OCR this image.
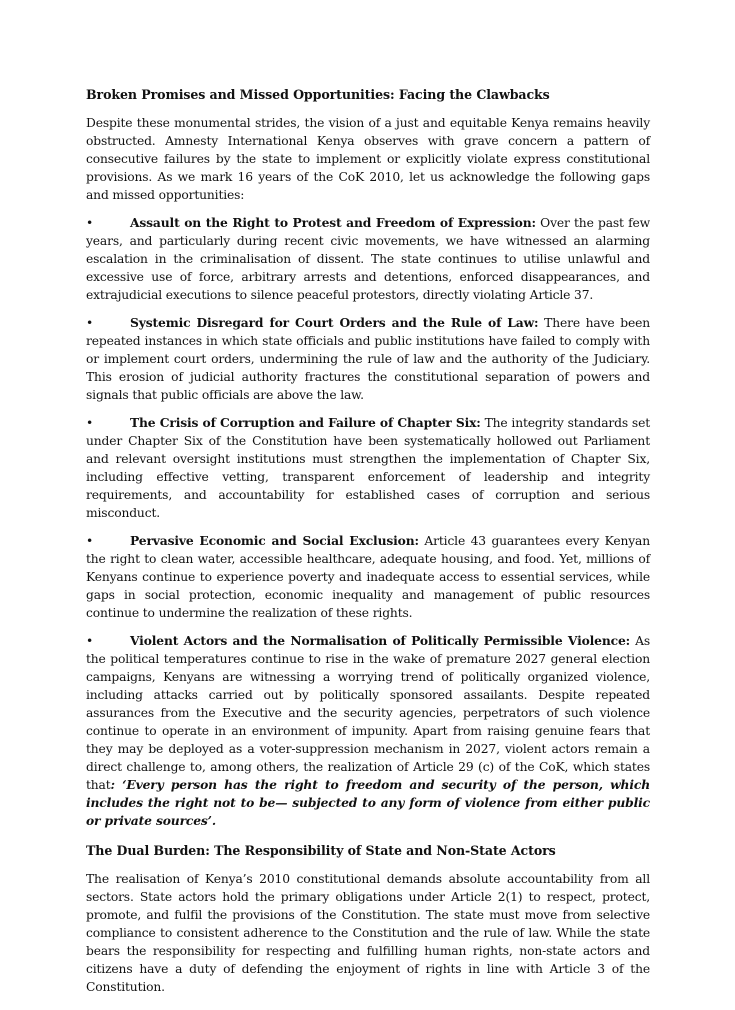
Broken Promises and Missed Opportunities: Facing the Clawbacks

Despite these monumental strides, the vision of a just and equitable Kenya remains heavily obstructed. Amnesty International Kenya observes with grave concern a pattern of consecutive failures by the state to implement or explicitly violate express constitutional provisions. As we mark 16 years of the CoK 2010, let us acknowledge the following gaps and missed opportunities:

•	Assault on the Right to Protest and Freedom of Expression: Over the past few years, and particularly during recent civic movements, we have witnessed an alarming escalation in the criminalisation of dissent. The state continues to utilise unlawful and excessive use of force, arbitrary arrests and detentions, enforced disappearances, and extrajudicial executions to silence peaceful protestors, directly violating Article 37.

•	Systemic Disregard for Court Orders and the Rule of Law: There have been repeated instances in which state officials and public institutions have failed to comply with or implement court orders, undermining the rule of law and the authority of the Judiciary. This erosion of judicial authority fractures the constitutional separation of powers and signals that public officials are above the law.

•	The Crisis of Corruption and Failure of Chapter Six: The integrity standards set under Chapter Six of the Constitution have been systematically hollowed out Parliament and relevant oversight institutions must strengthen the implementation of Chapter Six, including effective vetting, transparent enforcement of leadership and integrity requirements, and accountability for established cases of corruption and serious misconduct.

•	Pervasive Economic and Social Exclusion: Article 43 guarantees every Kenyan the right to clean water, accessible healthcare, adequate housing, and food. Yet, millions of Kenyans continue to experience poverty and inadequate access to essential services, while gaps in social protection, economic inequality and management of public resources continue to undermine the realization of these rights.

•	Violent Actors and the Normalisation of Politically Permissible Violence: As the political temperatures continue to rise in the wake of premature 2027 general election campaigns, Kenyans are witnessing a worrying trend of politically organized violence, including attacks carried out by politically sponsored assailants. Despite repeated assurances from the Executive and the security agencies, perpetrators of such violence continue to operate in an environment of impunity. Apart from raising genuine fears that they may be deployed as a voter-suppression mechanism in 2027, violent actors remain a direct challenge to, among others, the realization of Article 29 (c) of the CoK, which states that: ‘Every person has the right to freedom and security of the person, which includes the right not to be— subjected to any form of violence from either public or private sources’.

The Dual Burden: The Responsibility of State and Non-State Actors

The realisation of Kenya’s 2010 constitutional demands absolute accountability from all sectors. State actors hold the primary obligations under Article 2(1) to respect, protect, promote, and fulfil the provisions of the Constitution. The state must move from selective compliance to consistent adherence to the Constitution and the rule of law. While the state bears the responsibility for respecting and fulfilling human rights, non-state actors and citizens have a duty of defending the enjoyment of rights in line with Article 3 of the Constitution.
